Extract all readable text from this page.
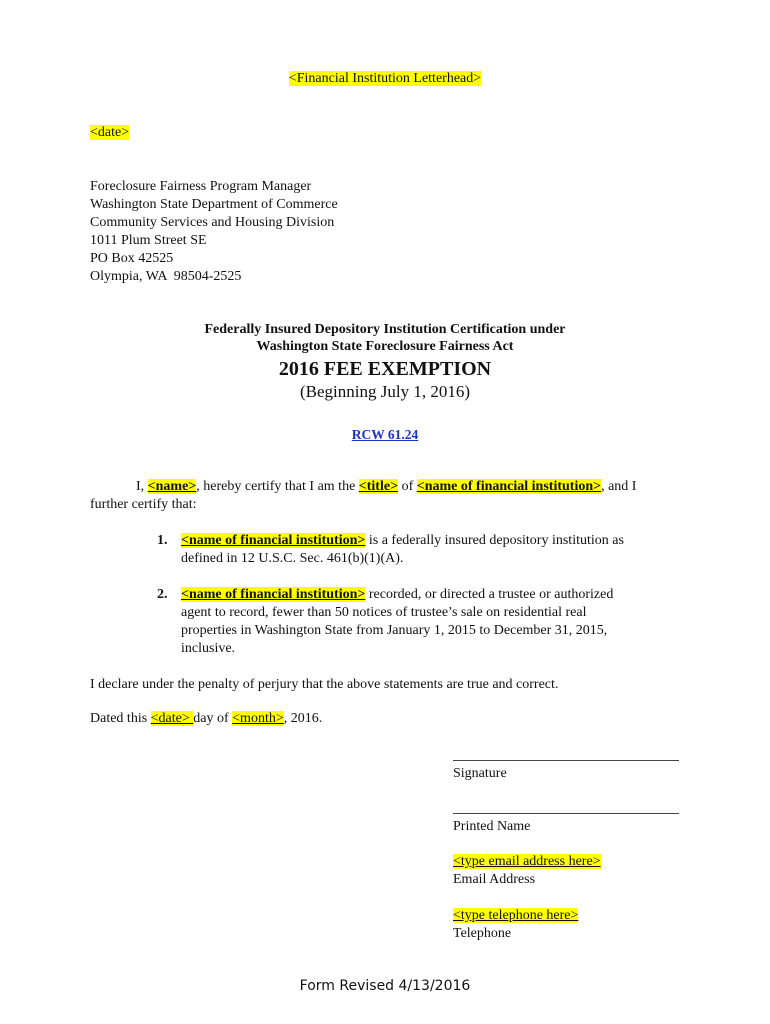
<Financial Institution Letterhead>
<date>
Foreclosure Fairness Program Manager
Washington State Department of Commerce
Community Services and Housing Division
1011 Plum Street SE
PO Box 42525
Olympia, WA  98504-2525
Federally Insured Depository Institution Certification under
Washington State Foreclosure Fairness Act
2016 FEE EXEMPTION
(Beginning July 1, 2016)
RCW 61.24
I, <name>, hereby certify that I am the <title> of <name of financial institution>, and I
further certify that:
1. <name of financial institution> is a federally insured depository institution as
defined in 12 U.S.C. Sec. 461(b)(1)(A).
2. <name of financial institution> recorded, or directed a trustee or authorized
agent to record, fewer than 50 notices of trustee’s sale on residential real
properties in Washington State from January 1, 2015 to December 31, 2015,
inclusive.
I declare under the penalty of perjury that the above statements are true and correct.
Dated this <date> day of <month>, 2016.
Signature
Printed Name
<type email address here>
Email Address
<type telephone here>
Telephone
Form Revised 4/13/2016
